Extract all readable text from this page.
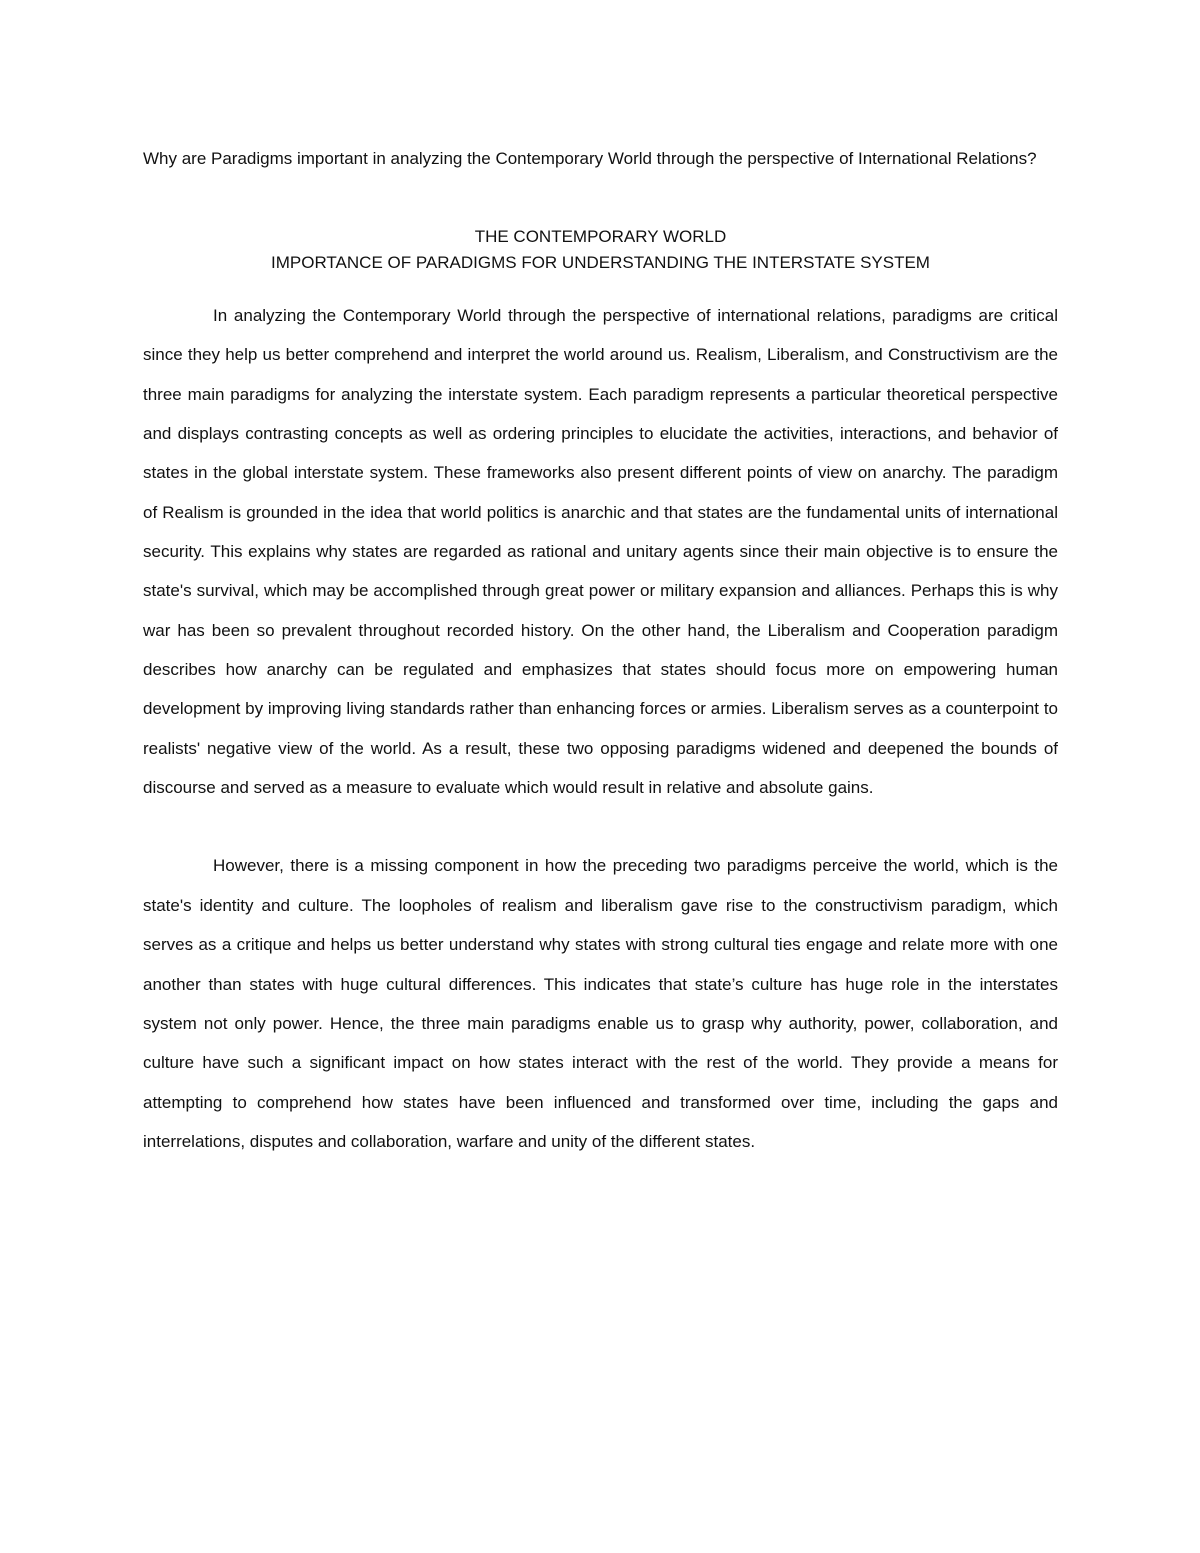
Why are Paradigms important in analyzing the Contemporary World through the perspective of International Relations?

THE CONTEMPORARY WORLD
IMPORTANCE OF PARADIGMS FOR UNDERSTANDING THE INTERSTATE SYSTEM

In analyzing the Contemporary World through the perspective of international relations, paradigms are critical since they help us better comprehend and interpret the world around us. Realism, Liberalism, and Constructivism are the three main paradigms for analyzing the interstate system. Each paradigm represents a particular theoretical perspective and displays contrasting concepts as well as ordering principles to elucidate the activities, interactions, and behavior of states in the global interstate system. These frameworks also present different points of view on anarchy. The paradigm of Realism is grounded in the idea that world politics is anarchic and that states are the fundamental units of international security. This explains why states are regarded as rational and unitary agents since their main objective is to ensure the state's survival, which may be accomplished through great power or military expansion and alliances. Perhaps this is why war has been so prevalent throughout recorded history. On the other hand, the Liberalism and Cooperation paradigm describes how anarchy can be regulated and emphasizes that states should focus more on empowering human development by improving living standards rather than enhancing forces or armies. Liberalism serves as a counterpoint to realists' negative view of the world. As a result, these two opposing paradigms widened and deepened the bounds of discourse and served as a measure to evaluate which would result in relative and absolute gains.

However, there is a missing component in how the preceding two paradigms perceive the world, which is the state's identity and culture. The loopholes of realism and liberalism gave rise to the constructivism paradigm, which serves as a critique and helps us better understand why states with strong cultural ties engage and relate more with one another than states with huge cultural differences. This indicates that state’s culture has huge role in the interstates system not only power. Hence, the three main paradigms enable us to grasp why authority, power, collaboration, and culture have such a significant impact on how states interact with the rest of the world. They provide a means for attempting to comprehend how states have been influenced and transformed over time, including the gaps and interrelations, disputes and collaboration, warfare and unity of the different states.
